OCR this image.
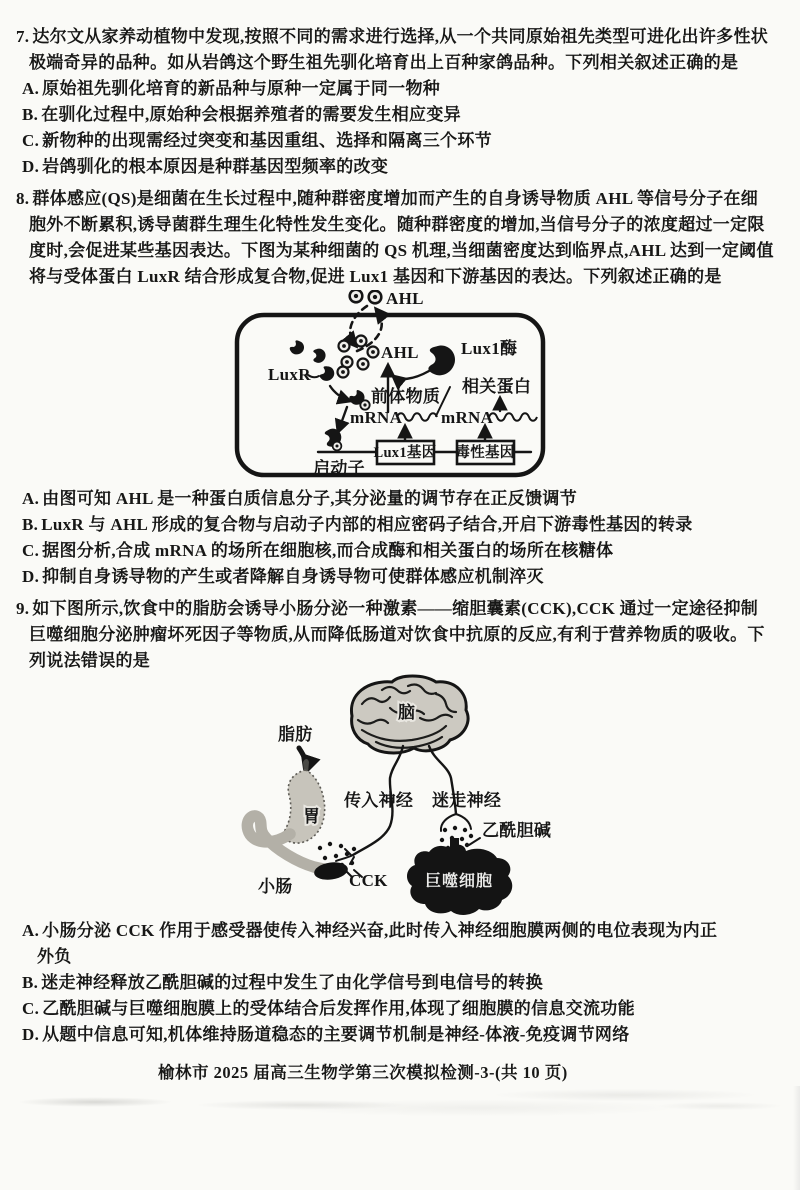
7. 达尔文从家养动植物中发现,按照不同的需求进行选择,从一个共同原始祖先类型可进化出许多性状极端奇异的品种。如从岩鸽这个野生祖先驯化培育出上百种家鸽品种。下列相关叙述正确的是

A. 原始祖先驯化培育的新品种与原种一定属于同一物种

B. 在驯化过程中,原始种会根据养殖者的需要发生相应变异

C. 新物种的出现需经过突变和基因重组、选择和隔离三个环节

D. 岩鸽驯化的根本原因是种群基因型频率的改变

8. 群体感应(QS)是细菌在生长过程中,随种群密度增加而产生的自身诱导物质 AHL 等信号分子在细胞外不断累积,诱导菌群生理生化特性发生变化。随种群密度的增加,当信号分子的浓度超过一定限度时,会促进某些基因表达。下图为某种细菌的 QS 机理,当细菌密度达到临界点,AHL 达到一定阈值将与受体蛋白 LuxR 结合形成复合物,促进 Lux1 基因和下游基因的表达。下列叙述正确的是

AHL
AHL
LuxR
前体物质
Lux1酶
相关蛋白
mRNA mRNA
Lux1基因 毒性基因
启动子

A. 由图可知 AHL 是一种蛋白质信息分子,其分泌量的调节存在正反馈调节

B. LuxR 与 AHL 形成的复合物与启动子内部的相应密码子结合,开启下游毒性基因的转录

C. 据图分析,合成 mRNA 的场所在细胞核,而合成酶和相关蛋白的场所在核糖体

D. 抑制自身诱导物的产生或者降解自身诱导物可使群体感应机制淬灭

9. 如下图所示,饮食中的脂肪会诱导小肠分泌一种激素——缩胆囊素(CCK),CCK 通过一定途径抑制巨噬细胞分泌肿瘤坏死因子等物质,从而降低肠道对饮食中抗原的反应,有利于营养物质的吸收。下列说法错误的是

脑
脂肪
胃
小肠	CCK
传入神经 迷走神经
乙酰胆碱
巨噬细胞

A. 小肠分泌 CCK 作用于感受器使传入神经兴奋,此时传入神经细胞膜两侧的电位表现为内正外负

B. 迷走神经释放乙酰胆碱的过程中发生了由化学信号到电信号的转换

C. 乙酰胆碱与巨噬细胞膜上的受体结合后发挥作用,体现了细胞膜的信息交流功能

D. 从题中信息可知,机体维持肠道稳态的主要调节机制是神经-体液-免疫调节网络

榆林市 2025 届高三生物学第三次模拟检测-3-(共 10 页)
